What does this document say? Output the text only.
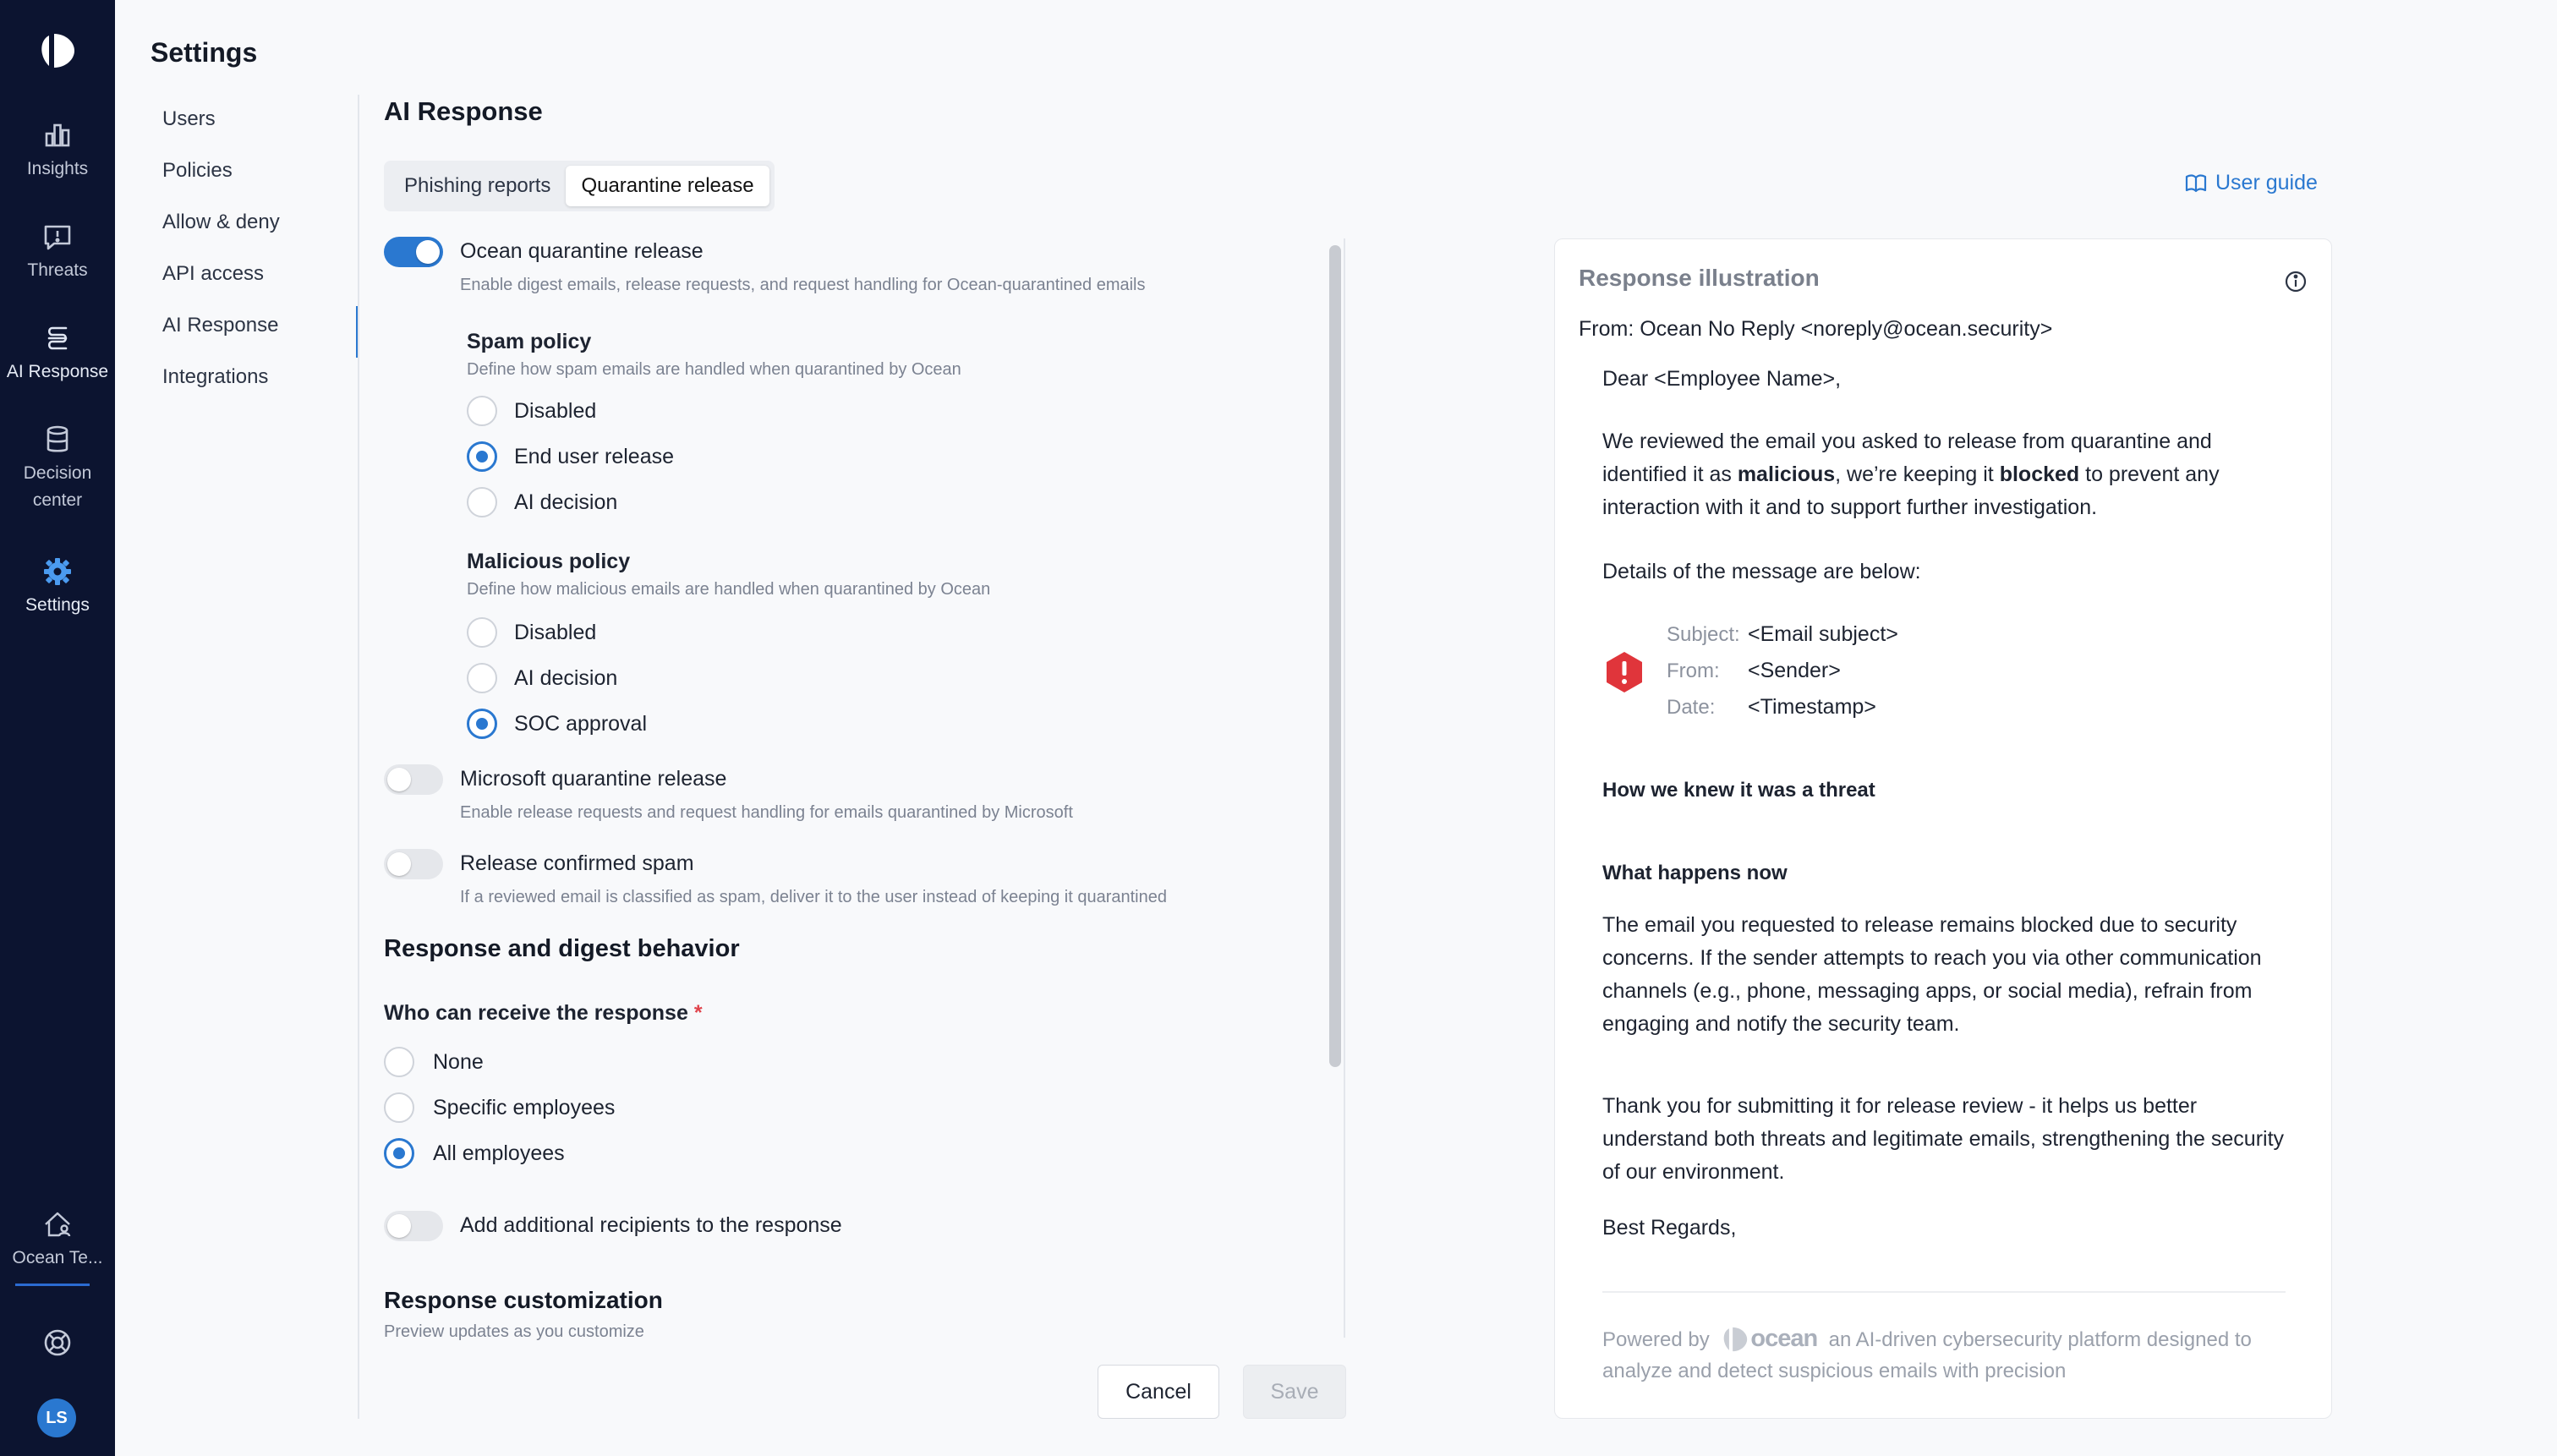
Insights
Threats
AI Response
Decision
center
Settings
Ocean Te...
LS
Settings
Users
Policies
Allow & deny
API access
AI Response
Integrations
AI Response
Phishing reports	Quarantine release	User guide
Ocean quarantine release
Enable digest emails, release requests, and request handling for Ocean-quarantined emails
Spam policy
Define how spam emails are handled when quarantined by Ocean
Disabled
End user release
AI decision
Malicious policy
Define how malicious emails are handled when quarantined by Ocean
Disabled
AI decision
SOC approval
Microsoft quarantine release
Enable release requests and request handling for emails quarantined by Microsoft
Release confirmed spam
If a reviewed email is classified as spam, deliver it to the user instead of keeping it quarantined
Response and digest behavior
Who can receive the response *
None
Specific employees
All employees
Add additional recipients to the response
Response customization
Preview updates as you customize
Cancel	Save
Response illustration
From: Ocean No Reply <noreply@ocean.security>
Dear <Employee Name>,
We reviewed the email you asked to release from quarantine and identified it as malicious, we’re keeping it blocked to prevent any interaction with it and to support further investigation.
Details of the message are below:
Subject: <Email subject>
From: <Sender>
Date: <Timestamp>
How we knew it was a threat
What happens now
The email you requested to release remains blocked due to security concerns. If the sender attempts to reach you via other communication channels (e.g., phone, messaging apps, or social media), refrain from engaging and notify the security team.
Thank you for submitting it for release review - it helps us better understand both threats and legitimate emails, strengthening the security of our environment.
Best Regards,
Powered by ocean an AI-driven cybersecurity platform designed to analyze and detect suspicious emails with precision
